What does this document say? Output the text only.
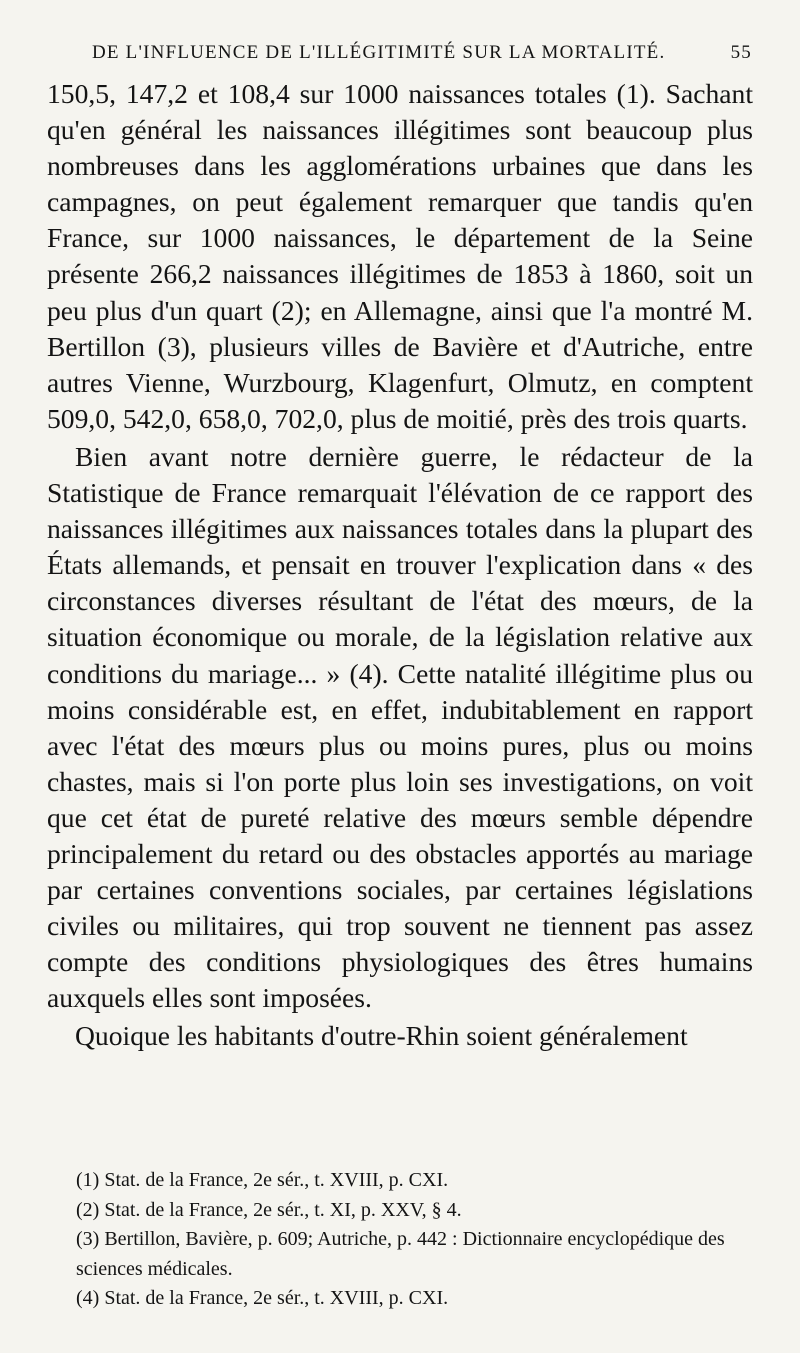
DE L'INFLUENCE DE L'ILLÉGITIMITÉ SUR LA MORTALITÉ.	55

150,5, 147,2 et 108,4 sur 1000 naissances totales (1). Sachant qu'en général les naissances illégitimes sont beaucoup plus nombreuses dans les agglomérations urbaines que dans les campagnes, on peut également remarquer que tandis qu'en France, sur 1000 naissances, le département de la Seine présente 266,2 naissances illégitimes de 1853 à 1860, soit un peu plus d'un quart (2); en Allemagne, ainsi que l'a montré M. Bertillon (3), plusieurs villes de Bavière et d'Autriche, entre autres Vienne, Wurzbourg, Klagenfurt, Olmutz, en comptent 509,0, 542,0, 658,0, 702,0, plus de moitié, près des trois quarts.

Bien avant notre dernière guerre, le rédacteur de la Statistique de France remarquait l'élévation de ce rapport des naissances illégitimes aux naissances totales dans la plupart des États allemands, et pensait en trouver l'explication dans « des circonstances diverses résultant de l'état des mœurs, de la situation économique ou morale, de la législation relative aux conditions du mariage... » (4). Cette natalité illégitime plus ou moins considérable est, en effet, indubitablement en rapport avec l'état des mœurs plus ou moins pures, plus ou moins chastes, mais si l'on porte plus loin ses investigations, on voit que cet état de pureté relative des mœurs semble dépendre principalement du retard ou des obstacles apportés au mariage par certaines conventions sociales, par certaines législations civiles ou militaires, qui trop souvent ne tiennent pas assez compte des conditions physiologiques des êtres humains auxquels elles sont imposées.

Quoique les habitants d'outre-Rhin soient généralement

(1) Stat. de la France, 2e sér., t. XVIII, p. CXI.

(2) Stat. de la France, 2e sér., t. XI, p. XXV, § 4.

(3) Bertillon, Bavière, p. 609; Autriche, p. 442 : Dictionnaire encyclopédique des sciences médicales.

(4) Stat. de la France, 2e sér., t. XVIII, p. CXI.
